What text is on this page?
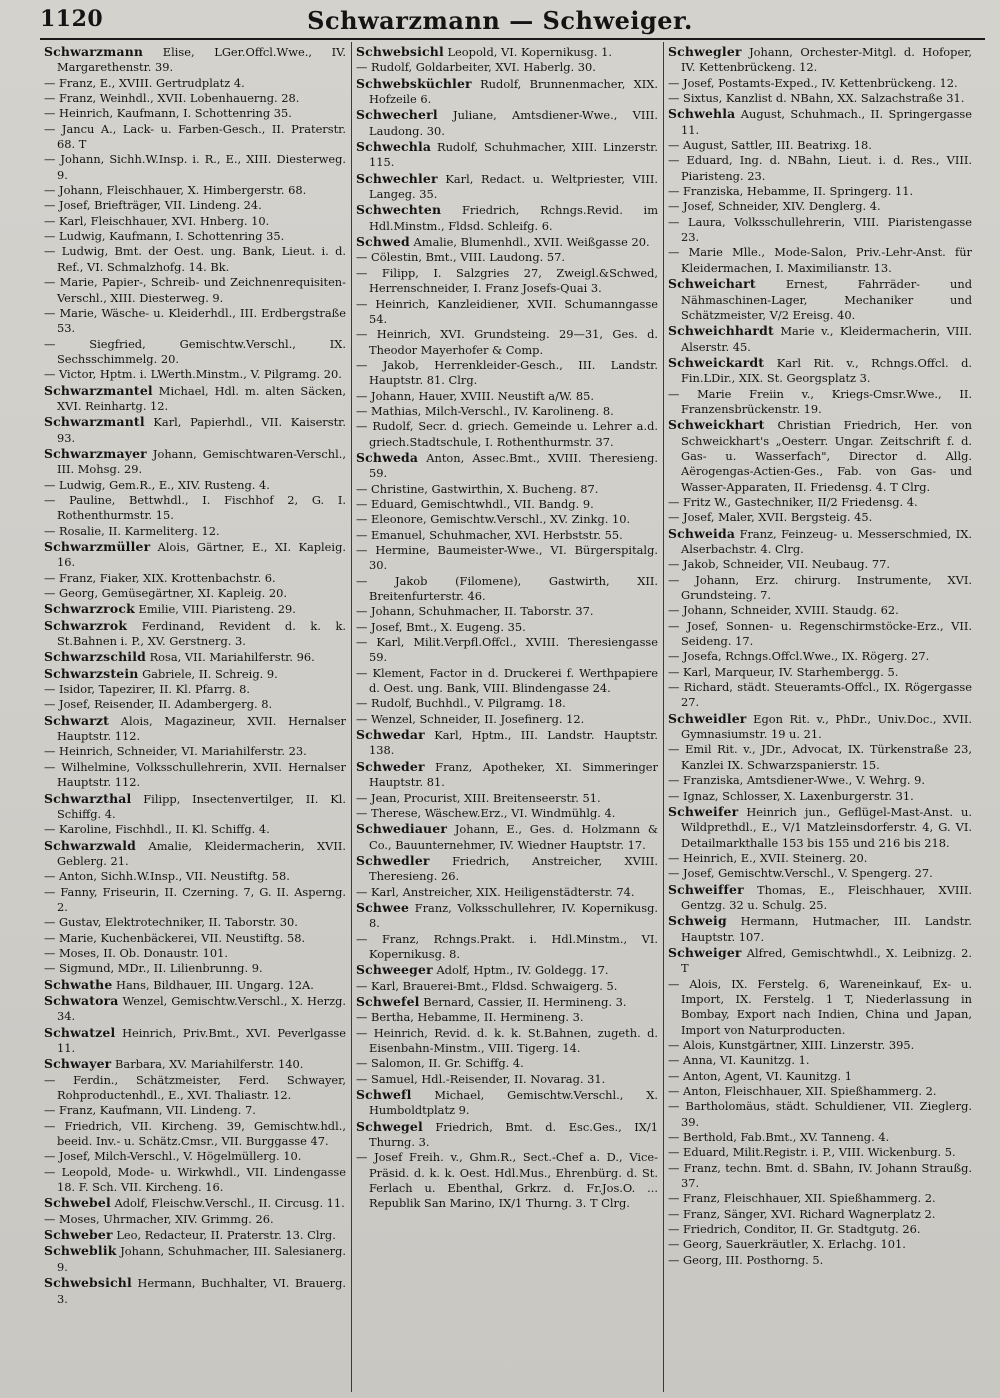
1120	Schwarzmann — Schweiger.
Schwarzmann Elise, LGer.Offcl.Wwe., IV. Margarethenstr. 39.
— Franz, E., XVIII. Gertrudplatz 4.
— Franz, Weinhdl., XVII. Lobenhauerng. 28.
— Heinrich, Kaufmann, I. Schottenring 35.
— Jancu A., Lack- u. Farben-Gesch., II. Praterstr. 68. T
— Johann, Sichh.W.Insp. i. R., E., XIII. Diesterweg. 9.
— Johann, Fleischhauer, X. Himbergerstr. 68.
— Josef, Briefträger, VII. Lindeng. 24.
— Karl, Fleischhauer, XVI. Hnberg. 10.
— Ludwig, Kaufmann, I. Schottenring 35.
— Ludwig, Bmt. der Oest. ung. Bank, Lieut. i. d. Ref., VI. Schmalzhofg. 14. Bk.
— Marie, Papier-, Schreib- und Zeichnenrequisiten-Verschl., XIII. Diesterweg. 9.
— Marie, Wäsche- u. Kleiderhdl., III. Erdbergstraße 53.
— Siegfried, Gemischtw.Verschl., IX. Sechsschimmelg. 20.
— Victor, Hptm. i. LWerth.Minstm., V. Pilgramg. 20.
Schwarzmantel Michael, Hdl. m. alten Säcken, XVI. Reinhartg. 12.
Schwarzmantl Karl, Papierhdl., VII. Kaiserstr. 93.
Schwarzmayer Johann, Gemischtwaren-Verschl., III. Mohsg. 29.
— Ludwig, Gem.R., E., XIV. Rusteng. 4.
— Pauline, Bettwhdl., I. Fischhof 2, G. I. Rothenthurmstr. 15.
— Rosalie, II. Karmeliterg. 12.
Schwarzmüller Alois, Gärtner, E., XI. Kapleig. 16.
— Franz, Fiaker, XIX. Krottenbachstr. 6.
— Georg, Gemüsegärtner, XI. Kapleig. 20.
Schwarzrock Emilie, VIII. Piaristeng. 29.
Schwarzrok Ferdinand, Revident d. k. k. St.Bahnen i. P., XV. Gerstnerg. 3.
Schwarzschild Rosa, VII. Mariahilferstr. 96.
Schwarzstein Gabriele, II. Schreig. 9.
— Isidor, Tapezirer, II. Kl. Pfarrg. 8.
— Josef, Reisender, II. Adambergerg. 8.
Schwarzt Alois, Magazineur, XVII. Hernalser Hauptstr. 112.
— Heinrich, Schneider, VI. Mariahilferstr. 23.
— Wilhelmine, Volksschullehrerin, XVII. Hernalser Hauptstr. 112.
Schwarzthal Filipp, Insectenvertilger, II. Kl. Schiffg. 4.
— Karoline, Fischhdl., II. Kl. Schiffg. 4.
Schwarzwald Amalie, Kleidermacherin, XVII. Geblerg. 21.
— Anton, Sichh.W.Insp., VII. Neustiftg. 58.
— Fanny, Friseurin, II. Czerning. 7, G. II. Asperng. 2.
— Gustav, Elektrotechniker, II. Taborstr. 30.
— Marie, Kuchenbäckerei, VII. Neustiftg. 58.
— Moses, II. Ob. Donaustr. 101.
— Sigmund, MDr., II. Lilienbrunng. 9.
Schwathe Hans, Bildhauer, III. Ungarg. 12A.
Schwatora Wenzel, Gemischtw.Verschl., X. Herzg. 34.
Schwatzel Heinrich, Priv.Bmt., XVI. Peverlgasse 11.
Schwayer Barbara, XV. Mariahilferstr. 140.
— Ferdin., Schätzmeister, Ferd. Schwayer, Rohproductenhdl., E., XVI. Thaliastr. 12.
— Franz, Kaufmann, VII. Lindeng. 7.
— Friedrich, VII. Kircheng. 39, Gemischtw.hdl., beeid. Inv.- u. Schätz.Cmsr., VII. Burggasse 47.
— Josef, Milch-Verschl., V. Högelmüllerg. 10.
— Leopold, Mode- u. Wirkwhdl., VII. Lindengasse 18. F. Sch. VII. Kircheng. 16.
Schwebel Adolf, Fleischw.Verschl., II. Circusg. 11.
— Moses, Uhrmacher, XIV. Grimmg. 26.
Schweber Leo, Redacteur, II. Praterstr. 13. Clrg.
Schweblik Johann, Schuhmacher, III. Salesianerg. 9.
Schwebsichl Hermann, Buchhalter, VI. Brauerg. 3.
Schwebsichl Leopold, VI. Kopernikusg. 1.
— Rudolf, Goldarbeiter, XVI. Haberlg. 30.
Schwebsküchler Rudolf, Brunnenmacher, XIX. Hofzeile 6.
Schwecherl Juliane, Amtsdiener-Wwe., VIII. Laudong. 30.
Schwechla Rudolf, Schuhmacher, XIII. Linzerstr. 115.
Schwechler Karl, Redact. u. Weltpriester, VIII. Langeg. 35.
Schwechten Friedrich, Rchngs.Revid. im Hdl.Minstm., Fldsd. Schleifg. 6.
Schwed Amalie, Blumenhdl., XVII. Weißgasse 20.
— Cölestin, Bmt., VIII. Laudong. 57.
— Filipp, I. Salzgries 27, Zweigl.&Schwed, Herrenschneider, I. Franz Josefs-Quai 3.
— Heinrich, Kanzleidiener, XVII. Schumanngasse 54.
— Heinrich, XVI. Grundsteing. 29—31, Ges. d. Theodor Mayerhofer & Comp.
— Jakob, Herrenkleider-Gesch., III. Landstr. Hauptstr. 81. Clrg.
— Johann, Hauer, XVIII. Neustift a/W. 85.
— Mathias, Milch-Verschl., IV. Karolineng. 8.
— Rudolf, Secr. d. griech. Gemeinde u. Lehrer a.d. griech.Stadtschule, I. Rothenthurmstr. 37.
Schweda Anton, Assec.Bmt., XVIII. Theresieng. 59.
— Christine, Gastwirthin, X. Bucheng. 87.
— Eduard, Gemischtwhdl., VII. Bandg. 9.
— Eleonore, Gemischtw.Verschl., XV. Zinkg. 10.
— Emanuel, Schuhmacher, XVI. Herbststr. 55.
— Hermine, Baumeister-Wwe., VI. Bürgerspitalg. 30.
— Jakob (Filomene), Gastwirth, XII. Breitenfurterstr. 46.
— Johann, Schuhmacher, II. Taborstr. 37.
— Josef, Bmt., X. Eugeng. 35.
— Karl, Milit.Verpfl.Offcl., XVIII. Theresiengasse 59.
— Klement, Factor in d. Druckerei f. Werthpapiere d. Oest. ung. Bank, VIII. Blindengasse 24.
— Rudolf, Buchhdl., V. Pilgramg. 18.
— Wenzel, Schneider, II. Josefinerg. 12.
Schwedar Karl, Hptm., III. Landstr. Hauptstr. 138.
Schweder Franz, Apotheker, XI. Simmeringer Hauptstr. 81.
— Jean, Procurist, XIII. Breitenseerstr. 51.
— Therese, Wäschew.Erz., VI. Windmühlg. 4.
Schwediauer Johann, E., Ges. d. Holzmann & Co., Bauunternehmer, IV. Wiedner Hauptstr. 17.
Schwedler Friedrich, Anstreicher, XVIII. Theresieng. 26.
— Karl, Anstreicher, XIX. Heiligenstädterstr. 74.
Schwee Franz, Volksschullehrer, IV. Kopernikusg. 8.
— Franz, Rchngs.Prakt. i. Hdl.Minstm., VI. Kopernikusg. 8.
Schweeger Adolf, Hptm., IV. Goldegg. 17.
— Karl, Brauerei-Bmt., Fldsd. Schwaigerg. 5.
Schwefel Bernard, Cassier, II. Hermineng. 3.
— Bertha, Hebamme, II. Hermineng. 3.
— Heinrich, Revid. d. k. k. St.Bahnen, zugeth. d. Eisenbahn-Minstm., VIII. Tigerg. 14.
— Salomon, II. Gr. Schiffg. 4.
— Samuel, Hdl.-Reisender, II. Novarag. 31.
Schwefl Michael, Gemischtw.Verschl., X. Humboldtplatz 9.
Schwegel Friedrich, Bmt. d. Esc.Ges., IX/1 Thurng. 3.
— Josef Freih. v., Ghm.R., Sect.-Chef a. D., Vice-Präsid. d. k. k. Oest. Hdl.Mus., Ehrenbürg. d. St. Ferlach u. Ebenthal, Grkrz. d. Fr.Jos.O. ... Republik San Marino, IX/1 Thurng. 3. T Clrg.
Schwegler Johann, Orchester-Mitgl. d. Hofoper, IV. Kettenbrückeng. 12.
— Josef, Postamts-Exped., IV. Kettenbrückeng. 12.
— Sixtus, Kanzlist d. NBahn, XX. Salzachstraße 31.
Schwehla August, Schuhmach., II. Springergasse 11.
— August, Sattler, III. Beatrixg. 18.
— Eduard, Ing. d. NBahn, Lieut. i. d. Res., VIII. Piaristeng. 23.
— Franziska, Hebamme, II. Springerg. 11.
— Josef, Schneider, XIV. Denglerg. 4.
— Laura, Volksschullehrerin, VIII. Piaristengasse 23.
— Marie Mlle., Mode-Salon, Priv.-Lehr-Anst. für Kleidermachen, I. Maximilianstr. 13.
Schweichart	Ernest, Fahrräder- und Nähmaschinen-Lager, Mechaniker und Schätzmeister, V/2 Ereisg. 40.
Schweichhardt Marie v., Kleidermacherin, VIII. Alserstr. 45.
Schweickardt Karl Rit. v., Rchngs.Offcl. d. Fin.LDir., XIX. St. Georgsplatz 3.
— Marie Freiin v., Kriegs-Cmsr.Wwe., II. Franzensbrückenstr. 19.
Schweickhart Christian Friedrich, Her. von Schweickhart's „Oesterr. Ungar. Zeitschrift f. d. Gas- u. Wasserfach", Director d. Allg. Aërogengas-Actien-Ges., Fab. von Gas- und Wasser-Apparaten, II. Friedensg. 4. T Clrg.
— Fritz W., Gastechniker, II/2 Friedensg. 4.
— Josef, Maler, XVII. Bergsteig. 45.
Schweida Franz, Feinzeug- u. Messerschmied, IX. Alserbachstr. 4. Clrg.
— Jakob, Schneider, VII. Neubaug. 77.
— Johann, Erz. chirurg. Instrumente, XVI. Grundsteing. 7.
— Johann, Schneider, XVIII. Staudg. 62.
— Josef, Sonnen- u. Regenschirmstöcke-Erz., VII. Seideng. 17.
— Josefa, Rchngs.Offcl.Wwe., IX. Rögerg. 27.
— Karl, Marqueur, IV. Starhembergg. 5.
— Richard, städt. Steueramts-Offcl., IX. Rögergasse 27.
Schweidler Egon Rit. v., PhDr., Univ.Doc., XVII. Gymnasiumstr. 19 u. 21.
— Emil Rit. v., JDr., Advocat, IX. Türkenstraße 23, Kanzlei IX. Schwarzspanierstr. 15.
— Franziska, Amtsdiener-Wwe., V. Wehrg. 9.
— Ignaz, Schlosser, X. Laxenburgerstr. 31.
Schweifer Heinrich jun., Geflügel-Mast-Anst. u. Wildprethdl., E., V/1 Matzleinsdorferstr. 4, G. VI. Detailmarkthalle 153 bis 155 und 216 bis 218.
— Heinrich, E., XVII. Steinerg. 20.
— Josef, Gemischtw.Verschl., V. Spengerg. 27.
Schweiffer Thomas, E., Fleischhauer, XVIII. Gentzg. 32 u. Schulg. 25.
Schweig Hermann, Hutmacher, III. Landstr. Hauptstr. 107.
Schweiger Alfred, Gemischtwhdl., X. Leibnizg. 2. T
— Alois, IX. Ferstelg. 6, Wareneinkauf, Ex- u. Import, IX. Ferstelg. 1 T, Niederlassung in Bombay, Export nach Indien, China und Japan, Import von Naturproducten.
— Alois, Kunstgärtner, XIII. Linzerstr. 395.
— Anna, VI. Kaunitzg. 1.
— Anton, Agent, VI. Kaunitzg. 1
— Anton, Fleischhauer, XII. Spießhammerg. 2.
— Bartholomäus, städt. Schuldiener, VII. Zieglerg. 39.
— Berthold, Fab.Bmt., XV. Tanneng. 4.
— Eduard, Milit.Registr. i. P., VIII. Wickenburg. 5.
— Franz, techn. Bmt. d. SBahn, IV. Johann Straußg. 37.
— Franz, Fleischhauer, XII. Spießhammerg. 2.
— Franz, Sänger, XVI. Richard Wagnerplatz 2.
— Friedrich, Conditor, II. Gr. Stadtgutg. 26.
— Georg, Sauerkräutler, X. Erlachg. 101.
— Georg, III. Posthorng. 5.
